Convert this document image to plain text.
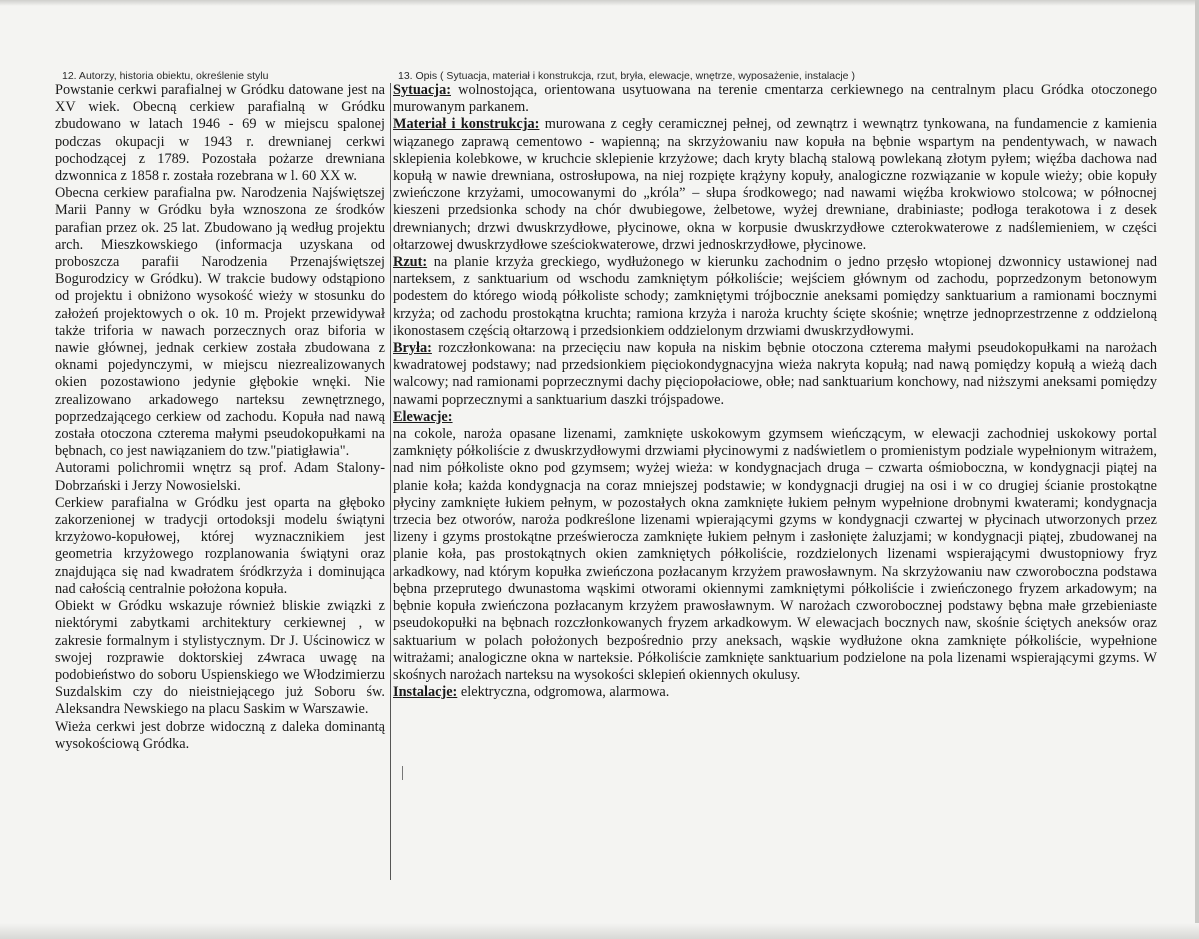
12. Autorzy, historia obiektu, określenie stylu	13. Opis ( Sytuacja, materiał i konstrukcja, rzut, bryła, elewacje, wnętrze, wyposażenie, instalacje )

Powstanie cerkwi parafialnej w Gródku datowane jest na XV wiek. Obecną cerkiew parafialną w Gródku zbudowano w latach 1946 - 69 w miejscu spalonej podczas okupacji w 1943 r. drewnianej cerkwi pochodzącej z 1789. Pozostała pożarze drewniana dzwonnica z 1858 r. została rozebrana w l. 60 XX w.

Obecna cerkiew parafialna pw. Narodzenia Najświętszej Marii Panny w Gródku była wznoszona ze środków parafian przez ok. 25 lat. Zbudowano ją według projektu arch. Mieszkowskiego (informacja uzyskana od proboszcza parafii Narodzenia Przenajświętszej Bogurodzicy w Gródku). W trakcie budowy odstąpiono od projektu i obniżono wysokość wieży w stosunku do założeń projektowych o ok. 10 m. Projekt przewidywał także triforia w nawach porzecznych oraz biforia w nawie głównej, jednak cerkiew została zbudowana z oknami pojedynczymi, w miejscu niezrealizowanych okien pozostawiono jedynie głębokie wnęki. Nie zrealizowano arkadowego narteksu zewnętrznego, poprzedzającego cerkiew od zachodu. Kopuła nad nawą została otoczona czterema małymi pseudokopułkami na bębnach, co jest nawiązaniem do tzw."piatigławia".

Autorami polichromii wnętrz są prof. Adam Stalony-Dobrzański i Jerzy Nowosielski.

Cerkiew parafialna w Gródku jest oparta na głęboko zakorzenionej w tradycji ortodoksji modelu świątyni krzyżowo-kopułowej, której wyznacznikiem jest geometria krzyżowego rozplanowania świątyni oraz znajdująca się nad kwadratem śródkrzyża i dominująca nad całością centralnie położona kopuła.

Obiekt w Gródku wskazuje również bliskie związki z niektórymi zabytkami architektury cerkiewnej , w zakresie formalnym i stylistycznym. Dr J. Uścinowicz w swojej rozprawie doktorskiej z4wraca uwagę na podobieństwo do soboru Uspienskiego we Włodzimierzu Suzdalskim czy do nieistniejącego już Soboru św. Aleksandra Newskiego na placu Saskim w Warszawie.

Wieża cerkwi jest dobrze widoczną z daleka dominantą wysokościową Gródka.

Sytuacja: wolnostojąca, orientowana usytuowana na terenie cmentarza cerkiewnego na centralnym placu Gródka otoczonego murowanym parkanem.

Materiał i konstrukcja: murowana z cegły ceramicznej pełnej, od zewnątrz i wewnątrz tynkowana, na fundamencie z kamienia wiązanego zaprawą cementowo - wapienną; na skrzyżowaniu naw kopuła na bębnie wspartym na pendentywach, w nawach sklepienia kolebkowe, w kruchcie sklepienie krzyżowe; dach kryty blachą stalową powlekaną złotym pyłem; więźba dachowa nad kopułą w nawie drewniana, ostrosłupowa, na niej rozpięte krążyny kopuły, analogiczne rozwiązanie w kopule wieży; obie kopuły zwieńczone krzyżami, umocowanymi do „króla” – słupa środkowego; nad nawami więźba krokwiowo stolcowa; w północnej kieszeni przedsionka schody na chór dwubiegowe, żelbetowe, wyżej drewniane, drabiniaste; podłoga terakotowa i z desek drewnianych; drzwi dwuskrzydłowe, płycinowe, okna w korpusie dwuskrzydłowe czterokwaterowe z nadślemieniem, w części ołtarzowej dwuskrzydłowe sześciokwaterowe, drzwi jednoskrzydłowe, płycinowe.

Rzut: na planie krzyża greckiego, wydłużonego w kierunku zachodnim o jedno przęsło wtopionej dzwonnicy ustawionej nad narteksem, z sanktuarium od wschodu zamkniętym półkoliście; wejściem głównym od zachodu, poprzedzonym betonowym podestem do którego wiodą półkoliste schody; zamkniętymi trójbocznie aneksami pomiędzy sanktuarium a ramionami bocznymi krzyża; od zachodu prostokątna kruchta; ramiona krzyża i naroża kruchty ścięte skośnie; wnętrze jednoprzestrzenne z oddzieloną ikonostasem częścią ołtarzową i przedsionkiem oddzielonym drzwiami dwuskrzydłowymi.

Bryła: rozczłonkowana: na przecięciu naw kopuła na niskim bębnie otoczona czterema małymi pseudokopułkami na narożach kwadratowej podstawy; nad przedsionkiem pięciokondygnacyjna wieża nakryta kopułą; nad nawą pomiędzy kopułą a wieżą dach walcowy; nad ramionami poprzecznymi dachy pięciopołaciowe, obłe; nad sanktuarium konchowy, nad niższymi aneksami pomiędzy nawami poprzecznymi a sanktuarium daszki trójspadowe.

Elewacje:
na cokole, naroża opasane lizenami, zamknięte uskokowym gzymsem wieńczącym, w elewacji zachodniej uskokowy portal zamknięty półkoliście z dwuskrzydłowymi drzwiami płycinowymi z nadświetlem o promienistym podziale wypełnionym witrażem, nad nim półkoliste okno pod gzymsem; wyżej wieża: w kondygnacjach druga – czwarta ośmioboczna, w kondygnacji piątej na planie koła; każda kondygnacja na coraz mniejszej podstawie; w kondygnacji drugiej na osi i w co drugiej ścianie prostokątne płyciny zamknięte łukiem pełnym, w pozostałych okna zamknięte łukiem pełnym wypełnione drobnymi kwaterami; kondygnacja trzecia bez otworów, naroża podkreślone lizenami wpierającymi gzyms w kondygnacji czwartej w płycinach utworzonych przez lizeny i gzyms prostokątne prześwierocza zamknięte łukiem pełnym i zasłonięte żaluzjami; w kondygnacji piątej, zbudowanej na planie koła, pas prostokątnych okien zamkniętych półkoliście, rozdzielonych lizenami wspierającymi dwustopniowy fryz arkadkowy, nad którym kopułka zwieńczona pozłacanym krzyżem prawosławnym. Na skrzyżowaniu naw czworoboczna podstawa bębna przeprutego dwunastoma wąskimi otworami okiennymi zamkniętymi półkoliście i zwieńczonego fryzem arkadowym; na bębnie kopuła zwieńczona pozłacanym krzyżem prawosławnym. W narożach czworobocznej podstawy bębna małe grzebieniaste pseudokopułki na bębnach rozczłonkowanych fryzem arkadkowym. W elewacjach bocznych naw, skośnie ściętych aneksów oraz saktuarium w polach położonych bezpośrednio przy aneksach, wąskie wydłużone okna zamknięte półkoliście, wypełnione witrażami; analogiczne okna w narteksie. Półkoliście zamknięte sanktuarium podzielone na pola lizenami wspierającymi gzyms. W skośnych narożach narteksu na wysokości sklepień okiennych okulusy.

Instalacje: elektryczna, odgromowa, alarmowa.
